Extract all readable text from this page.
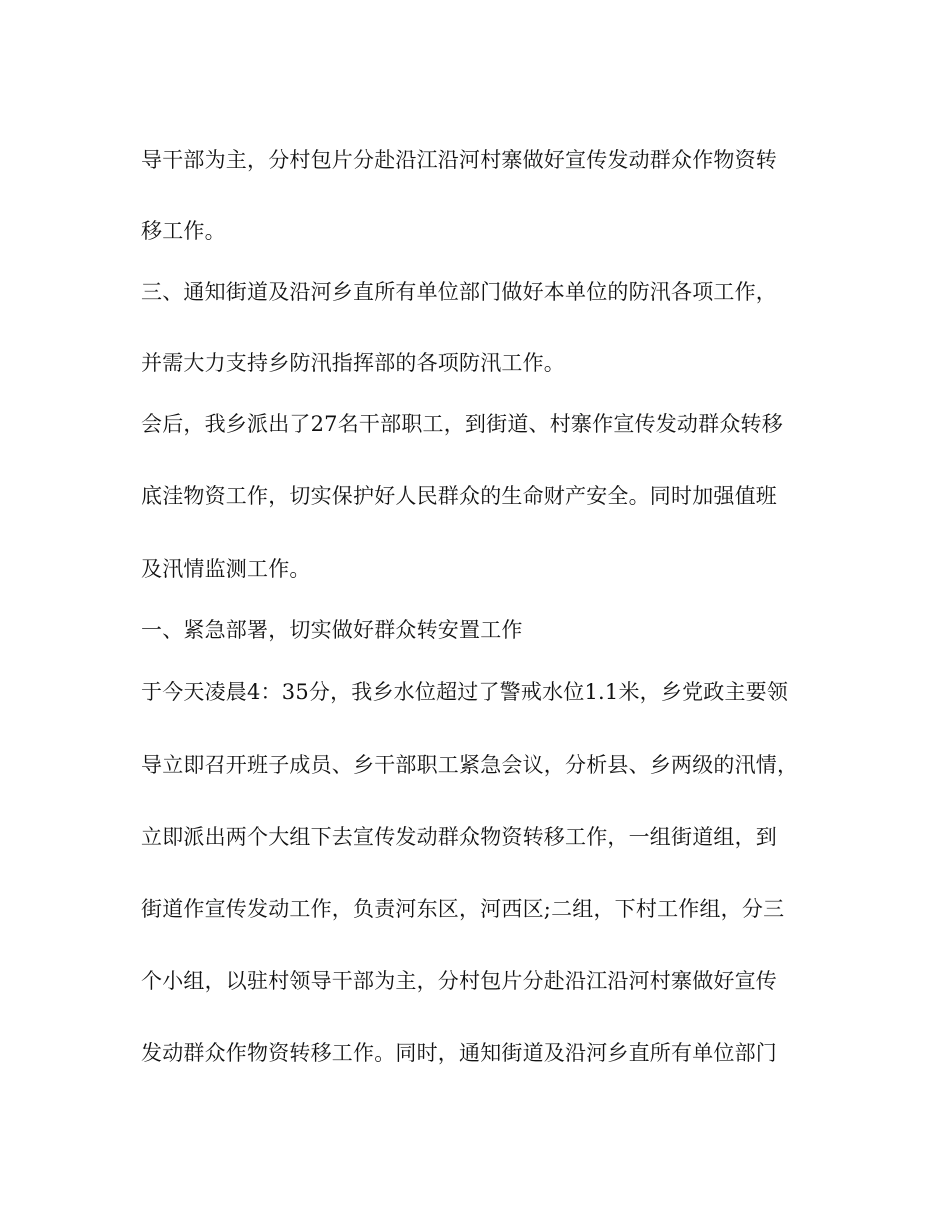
导干部为主，分村包片分赴沿江沿河村寨做好宣传发动群众作物资转
移工作。
三、通知街道及沿河乡直所有单位部门做好本单位的防汛各项工作，
并需大力支持乡防汛指挥部的各项防汛工作。
会后，我乡派出了27名干部职工，到街道、村寨作宣传发动群众转移
底洼物资工作，切实保护好人民群众的生命财产安全。同时加强值班
及汛情监测工作。
一、紧急部署，切实做好群众转安置工作
于今天凌晨4：35分，我乡水位超过了警戒水位1.1米，乡党政主要领
导立即召开班子成员、乡干部职工紧急会议，分析县、乡两级的汛情，
立即派出两个大组下去宣传发动群众物资转移工作，一组街道组，到
街道作宣传发动工作，负责河东区，河西区;二组，下村工作组，分三
个小组，以驻村领导干部为主，分村包片分赴沿江沿河村寨做好宣传
发动群众作物资转移工作。同时，通知街道及沿河乡直所有单位部门
